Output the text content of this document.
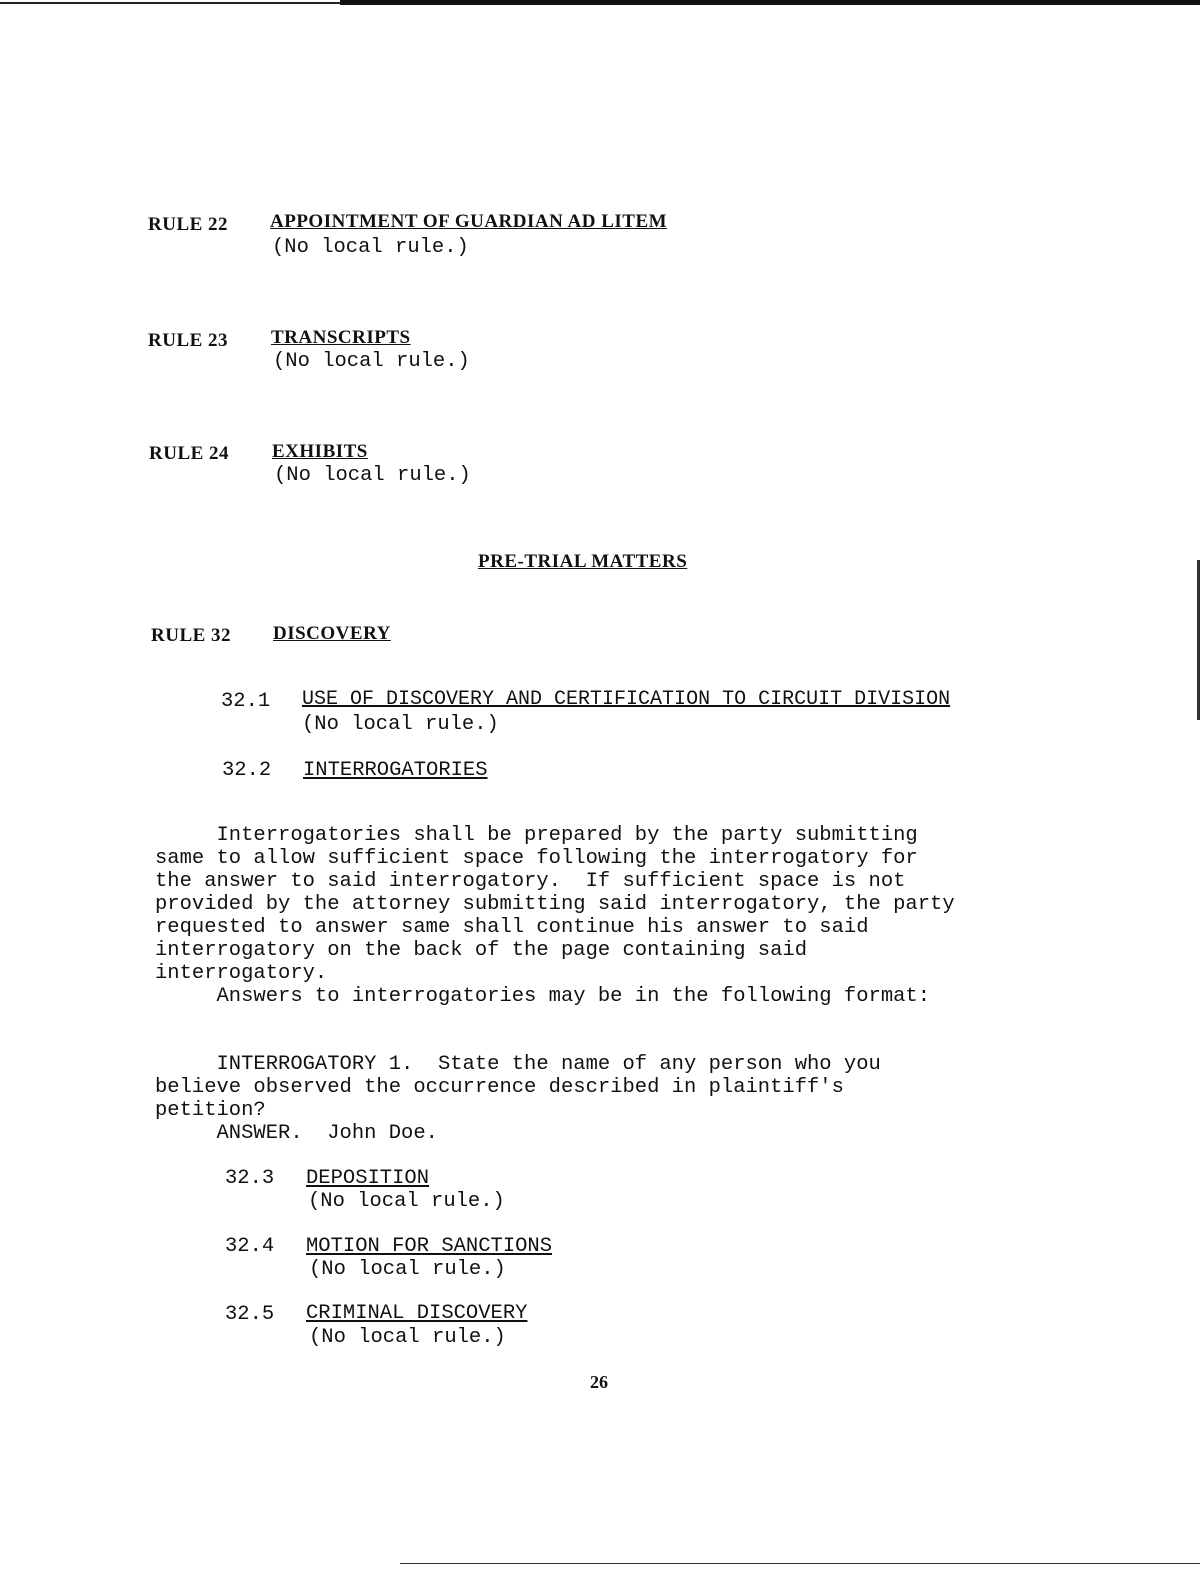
RULE 22 APPOINTMENT OF GUARDIAN AD LITEM
(No local rule.)
RULE 23 TRANSCRIPTS
(No local rule.)
RULE 24 EXHIBITS
(No local rule.)
PRE-TRIAL MATTERS
RULE 32 DISCOVERY
32.1 USE OF DISCOVERY AND CERTIFICATION TO CIRCUIT DIVISION
(No local rule.)
32.2 INTERROGATORIES

Interrogatories shall be prepared by the party submitting
same to allow sufficient space following the interrogatory for
the answer to said interrogatory.  If sufficient space is not
provided by the attorney submitting said interrogatory, the party
requested to answer same shall continue his answer to said
interrogatory on the back of the page containing said
interrogatory.

Answers to interrogatories may be in the following format:

INTERROGATORY 1.  State the name of any person who you
believe observed the occurrence described in plaintiff's
petition?

ANSWER.  John Doe.
32.3 DEPOSITION
(No local rule.)
32.4 MOTION FOR SANCTIONS
(No local rule.)
32.5 CRIMINAL DISCOVERY
(No local rule.)
26
